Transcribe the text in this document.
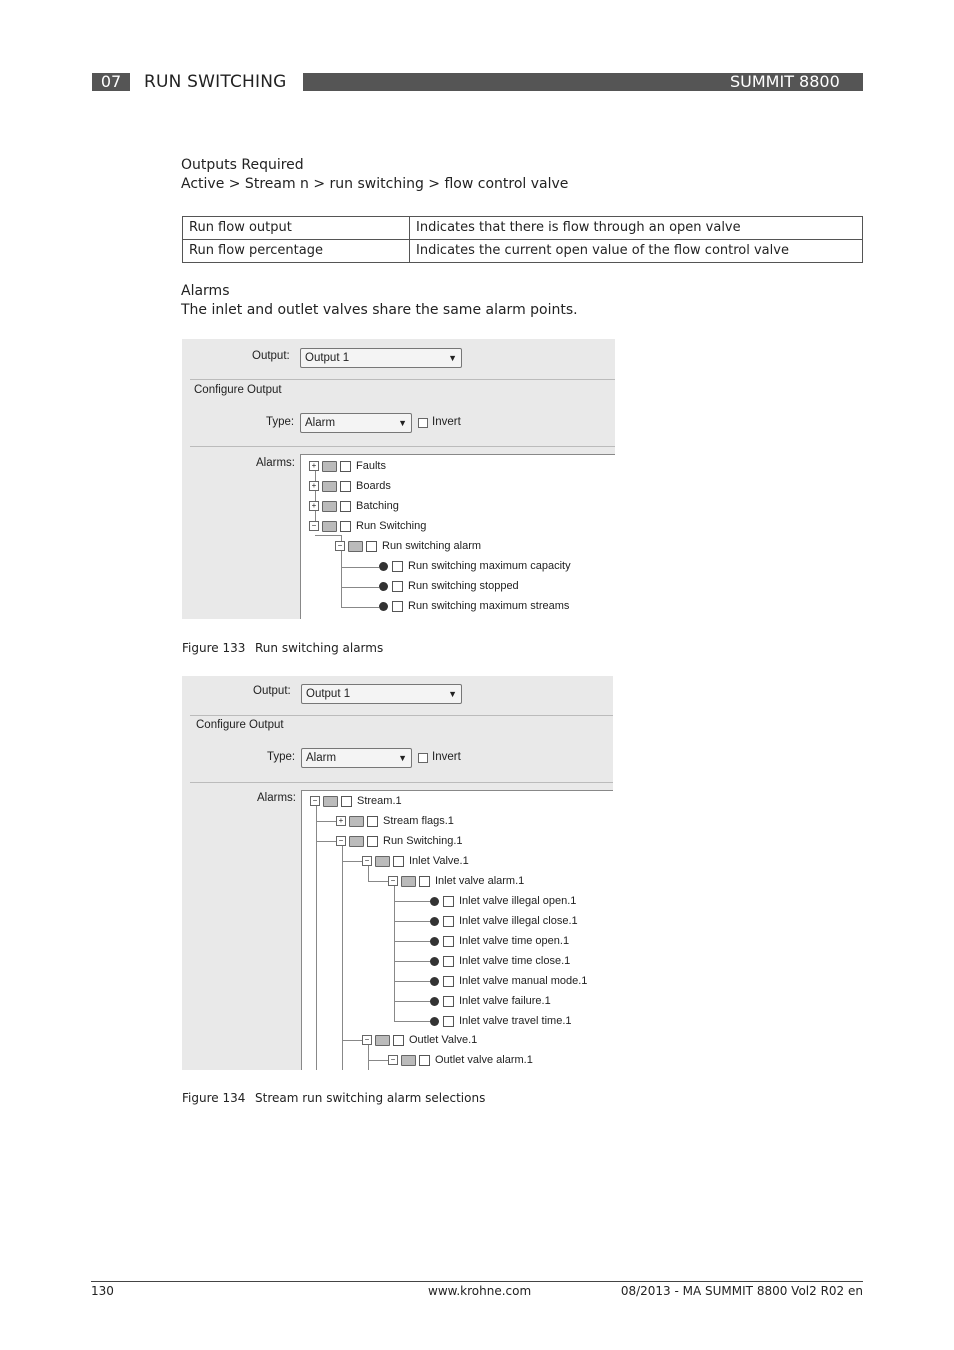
07	RUN SWITCHING	SUMMIT 8800
Outputs Required
Active > Stream n > run switching > flow control valve
Run flow output	Indicates that there is flow through an open valve
Run flow percentage	Indicates the current open value of the flow control valve
Alarms
The inlet and outlet valves share the same alarm points.
Output:	Output 1	▼
Configure Output
Type: Alarm	▼ Invert
Alarms:	+	Faults
+	Boards
+	Batching
−	Run Switching
−	Run switching alarm
Run switching maximum capacity
Run switching stopped
Run switching maximum streams
Figure 133 Run switching alarms
Output:	Output 1	▼
Configure Output
Type: Alarm	▼ Invert
Alarms:	−	Stream.1
+	Stream flags.1
−	Run Switching.1
−	Inlet Valve.1
−	Inlet valve alarm.1
Inlet valve illegal open.1
Inlet valve illegal close.1
Inlet valve time open.1
Inlet valve time close.1
Inlet valve manual mode.1
Inlet valve failure.1
Inlet valve travel time.1
−	Outlet Valve.1
−	Outlet valve alarm.1
Figure 134 Stream run switching alarm selections
130	www.krohne.com	08/2013 - MA SUMMIT 8800 Vol2 R02 en
